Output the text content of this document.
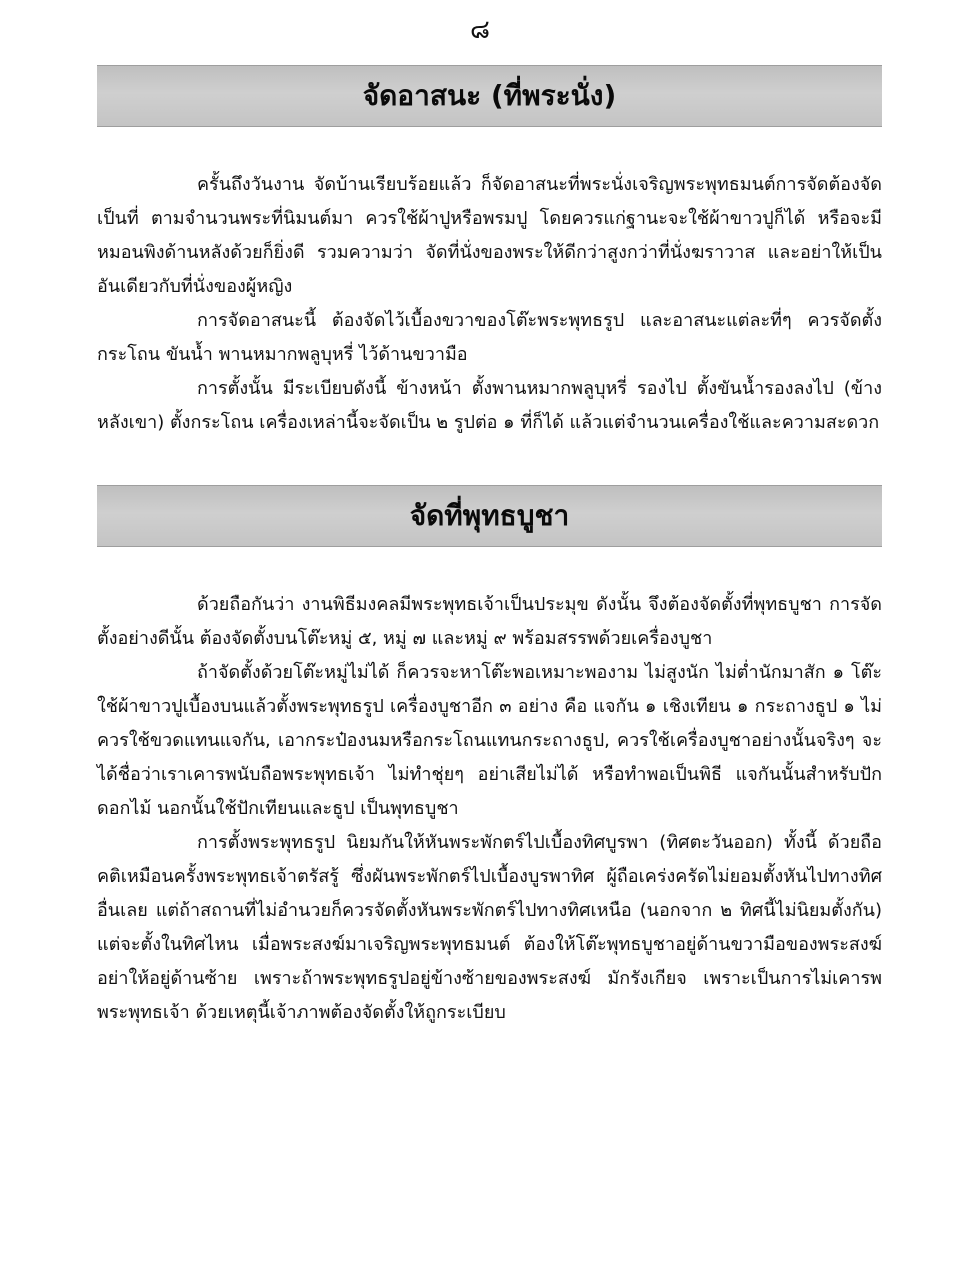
๘
จัดอาสนะ (ที่พระนั่ง)

ครั้นถึงวันงาน จัดบ้านเรียบร้อยแล้ว ก็จัดอาสนะที่พระนั่งเจริญพระพุทธมนต์การจัดต้องจัดเป็นที่ ตามจำนวนพระที่นิมนต์มา ควรใช้ผ้าปูหรือพรมปู โดยควรแก่ฐานะจะใช้ผ้าขาวปูก็ได้ หรือจะมีหมอนพิงด้านหลังด้วยก็ยิ่งดี รวมความว่า จัดที่นั่งของพระให้ดีกว่าสูงกว่าที่นั่งฆราวาส และอย่าให้เป็นอันเดียวกับที่นั่งของผู้หญิง

การจัดอาสนะนี้ ต้องจัดไว้เบื้องขวาของโต๊ะพระพุทธรูป และอาสนะแต่ละที่ๆ ควรจัดตั้งกระโถน ขันน้ำ พานหมากพลูบุหรี่ ไว้ด้านขวามือ

การตั้งนั้น มีระเบียบดังนี้ ข้างหน้า ตั้งพานหมากพลูบุหรี่ รองไป ตั้งขันน้ำรองลงไป (ข้างหลังเขา) ตั้งกระโถน เครื่องเหล่านี้จะจัดเป็น ๒ รูปต่อ ๑ ที่ก็ได้ แล้วแต่จำนวนเครื่องใช้และความสะดวก

จัดที่พุทธบูชา

ด้วยถือกันว่า งานพิธีมงคลมีพระพุทธเจ้าเป็นประมุข ดังนั้น จึงต้องจัดตั้งที่พุทธบูชา การจัดตั้งอย่างดีนั้น ต้องจัดตั้งบนโต๊ะหมู่ ๕, หมู่ ๗ และหมู่ ๙ พร้อมสรรพด้วยเครื่องบูชา

ถ้าจัดตั้งด้วยโต๊ะหมู่ไม่ได้ ก็ควรจะหาโต๊ะพอเหมาะพองาม ไม่สูงนัก ไม่ต่ำนักมาสัก ๑ โต๊ะใช้ผ้าขาวปูเบื้องบนแล้วตั้งพระพุทธรูป เครื่องบูชาอีก ๓ อย่าง คือ แจกัน ๑ เชิงเทียน ๑ กระถางธูป ๑ ไม่ควรใช้ขวดแทนแจกัน, เอากระป๋องนมหรือกระโถนแทนกระถางธูป, ควรใช้เครื่องบูชาอย่างนั้นจริงๆ จะได้ชื่อว่าเราเคารพนับถือพระพุทธเจ้า ไม่ทำชุ่ยๆ อย่าเสียไม่ได้ หรือทำพอเป็นพิธี แจกันนั้นสำหรับปักดอกไม้ นอกนั้นใช้ปักเทียนและธูป เป็นพุทธบูชา

การตั้งพระพุทธรูป นิยมกันให้หันพระพักตร์ไปเบื้องทิศบูรพา (ทิศตะวันออก) ทั้งนี้ ด้วยถือคติเหมือนครั้งพระพุทธเจ้าตรัสรู้ ซึ่งผันพระพักตร์ไปเบื้องบูรพาทิศ ผู้ถือเคร่งครัดไม่ยอมตั้งหันไปทางทิศอื่นเลย แต่ถ้าสถานที่ไม่อำนวยก็ควรจัดตั้งหันพระพักตร์ไปทางทิศเหนือ (นอกจาก ๒ ทิศนี้ไม่นิยมตั้งกัน) แต่จะตั้งในทิศไหน เมื่อพระสงฆ์มาเจริญพระพุทธมนต์ ต้องให้โต๊ะพุทธบูชาอยู่ด้านขวามือของพระสงฆ์ อย่าให้อยู่ด้านซ้าย เพราะถ้าพระพุทธรูปอยู่ข้างซ้ายของพระสงฆ์ มักรังเกียจ เพราะเป็นการไม่เคารพ พระพุทธเจ้า ด้วยเหตุนี้เจ้าภาพต้องจัดตั้งให้ถูกระเบียบ
